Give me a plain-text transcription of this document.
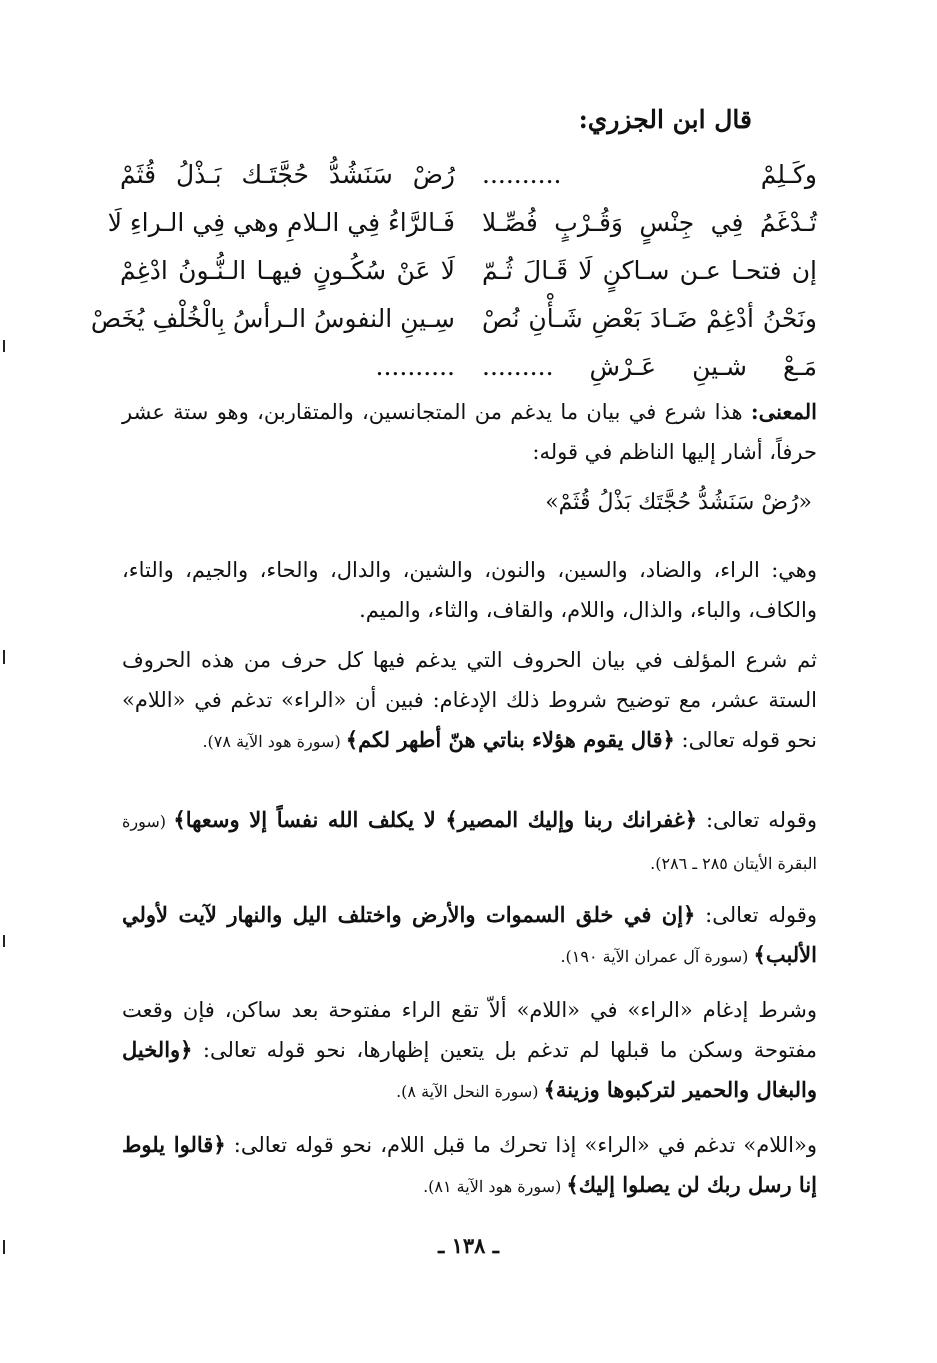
قال ابن الجزري:
وكَـلِمْ ..........
رُضْ سَنَشُدُّ حُجَّتَـك بَـذْلُ قُثَمْ
تُـدْغَمُ فِي جِنْسٍ وَقُـرْبٍ فُصِّـلا
فَـالرَّاءُ فِي الـلامِ وهي فِي الـراءِ لَا
إن فتحـا عـن سـاكنٍ لَا قَـالَ ثُـمّ
لَا عَنْ سُكُـونٍ فيهـا الـنُّـونُ ادْغِمْ
ونَحْنُ أدْغِمْ ضَـادَ بَعْضِ شَـأْنِ نُصْ
سِـينِ النفوسُ الـرأسُ بِالْخُلْفِ يُخَصْ
مَـعْ شـينِ عَـرْشِ .........
..........
المعنى: هذا شرع في بيان ما يدغم من المتجانسين، والمتقاربن، وهو ستة عشر حرفاً، أشار إليها الناظم في قوله:
«رُضْ سَنَشُدُّ حُجَّتَك بَذْلُ قُثَمْ»
وهي: الراء، والضاد، والسين، والنون، والشين، والدال، والحاء، والجيم، والتاء، والكاف، والباء، والذال، واللام، والقاف، والثاء، والميم.
ثم شرع المؤلف في بيان الحروف التي يدغم فيها كل حرف من هذه الحروف الستة عشر، مع توضيح شروط ذلك الإدغام: فبين أن «الراء» تدغم في «اللام» نحو قوله تعالى: ﴿قال يقوم هؤلاء بناتي هنّ أطهر لكم﴾ (سورة هود الآية ٧٨).
وقوله تعالى: ﴿غفرانك ربنا وإليك المصير﴾ لا يكلف الله نفساً إلا وسعها﴾ (سورة البقرة الأيتان ٢٨٥ ـ ٢٨٦).
وقوله تعالى: ﴿إن في خلق السموات والأرض واختلف اليل والنهار لآيت لأولي الألبب﴾ (سورة آل عمران الآية ١٩٠).
وشرط إدغام «الراء» في «اللام» ألاّ تقع الراء مفتوحة بعد ساكن، فإن وقعت مفتوحة وسكن ما قبلها لم تدغم بل يتعين إظهارها، نحو قوله تعالى: ﴿والخيل والبغال والحمير لتركبوها وزينة﴾ (سورة النحل الآية ٨).
و«اللام» تدغم في «الراء» إذا تحرك ما قبل اللام، نحو قوله تعالى: ﴿قالوا يلوط إنا رسل ربك لن يصلوا إليك﴾ (سورة هود الآية ٨١).
ـ ١٣٨ ـ
